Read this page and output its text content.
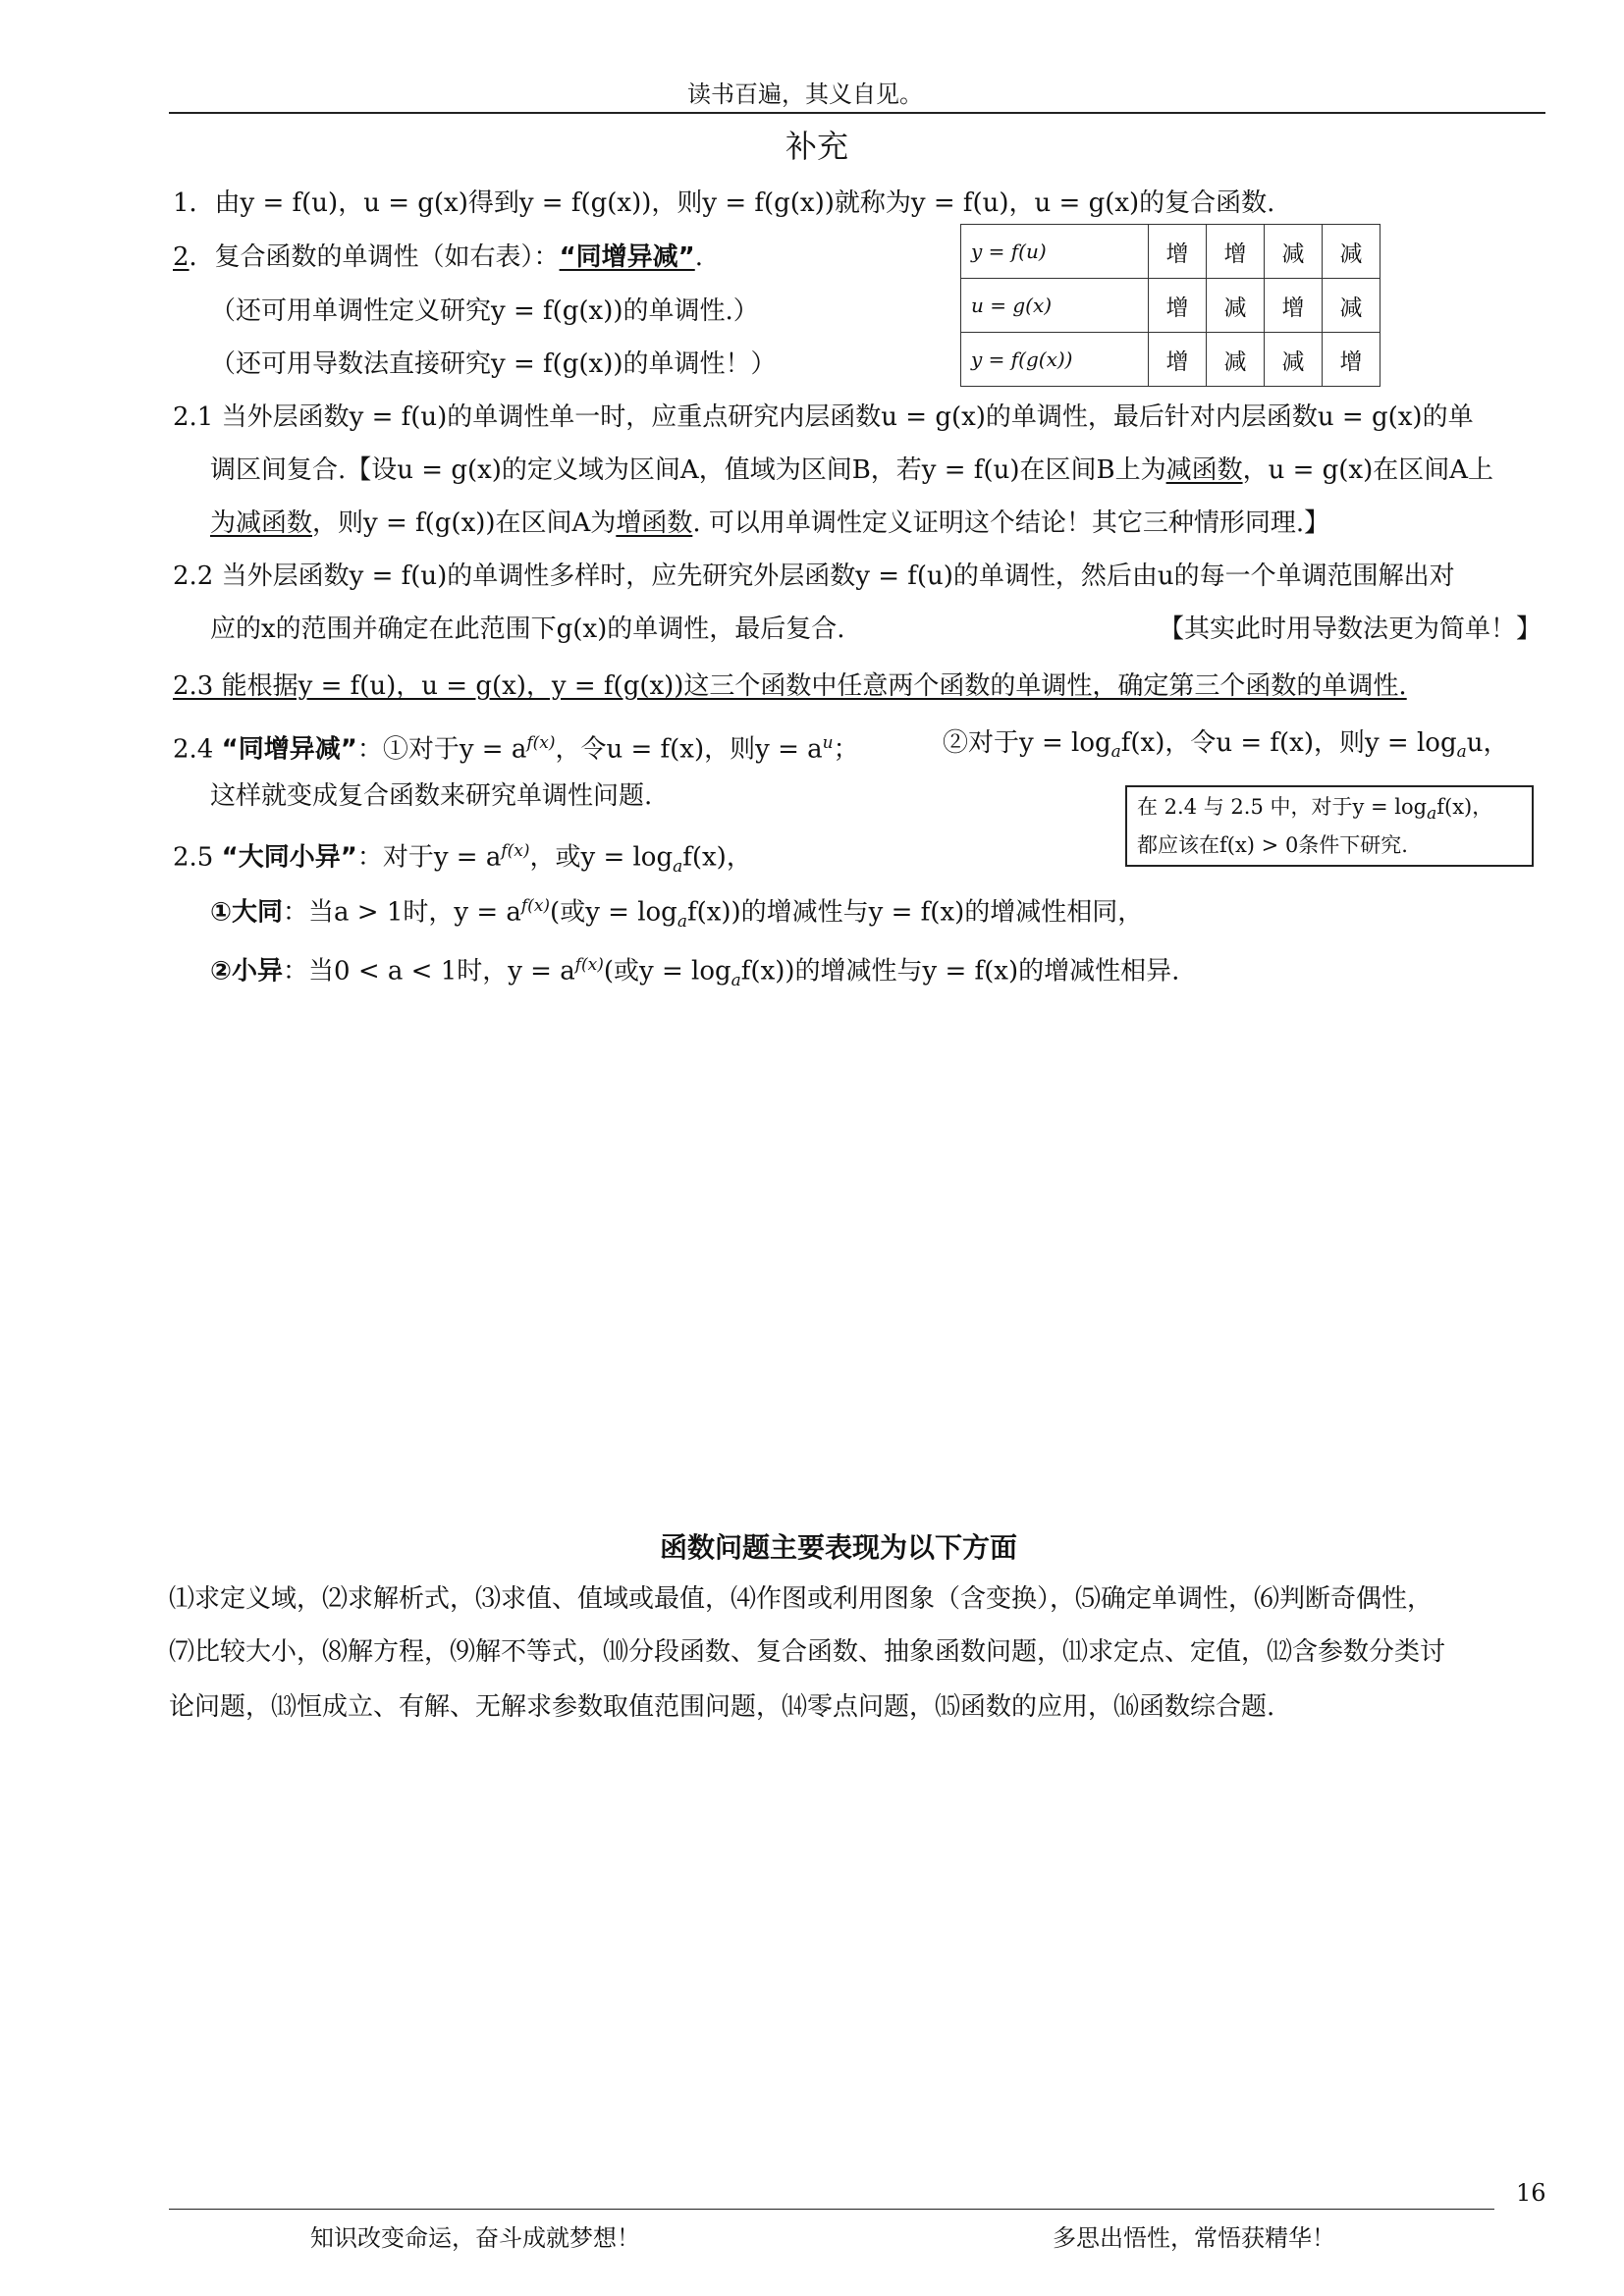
读书百遍，其义自见。
补充
1．由y = f(u)，u = g(x)得到y = f(g(x))，则y = f(g(x))就称为y = f(u)，u = g(x)的复合函数.
2．复合函数的单调性（如右表）：“同增异减”.
（还可用单调性定义研究y = f(g(x))的单调性.）
（还可用导数法直接研究y = f(g(x))的单调性！）
y = f(u)	增	增	减	减
u = g(x)	增	减	增	减
y = f(g(x))	增	减	减	增
2.1 当外层函数y = f(u)的单调性单一时，应重点研究内层函数u = g(x)的单调性，最后针对内层函数u = g(x)的单
调区间复合.【设u = g(x)的定义域为区间A，值域为区间B，若y = f(u)在区间B上为减函数，u = g(x)在区间A上
为减函数，则y = f(g(x))在区间A为增函数. 可以用单调性定义证明这个结论！其它三种情形同理.】
2.2 当外层函数y = f(u)的单调性多样时，应先研究外层函数y = f(u)的单调性，然后由u的每一个单调范围解出对
应的x的范围并确定在此范围下g(x)的单调性，最后复合.	【其实此时用导数法更为简单！】
2.3 能根据y = f(u)，u = g(x)，y = f(g(x))这三个函数中任意两个函数的单调性，确定第三个函数的单调性.
2.4 “同增异减”：①对于$y = a^{f(x)}$，令u = f(x)，则$y = a^u$；	②对于$y = \log_af(x)$，令u = f(x)，则$y = \log_au$，
这样就变成复合函数来研究单调性问题.	在 2.4 与 2.5 中，对于$y = \log_af(x)$，
都应该在f(x) > 0条件下研究.
2.5 “大同小异”：对于$y = a^{f(x)}$，或$y = \log_af(x)$，
①大同：当a > 1时，$y = a^{f(x)}$(或$y = \log_af(x)$)的增减性与y = f(x)的增减性相同，
②小异：当0 < a < 1时，$y = a^{f(x)}$(或$y = \log_af(x)$)的增减性与y = f(x)的增减性相异.
函数问题主要表现为以下方面
⑴求定义域，⑵求解析式，⑶求值、值域或最值，⑷作图或利用图象（含变换），⑸确定单调性，⑹判断奇偶性，
⑺比较大小，⑻解方程，⑼解不等式，⑽分段函数、复合函数、抽象函数问题，⑾求定点、定值，⑿含参数分类讨
论问题，⒀恒成立、有解、无解求参数取值范围问题，⒁零点问题，⒂函数的应用，⒃函数综合题.
16
知识改变命运，奋斗成就梦想！	多思出悟性，常悟获精华！
